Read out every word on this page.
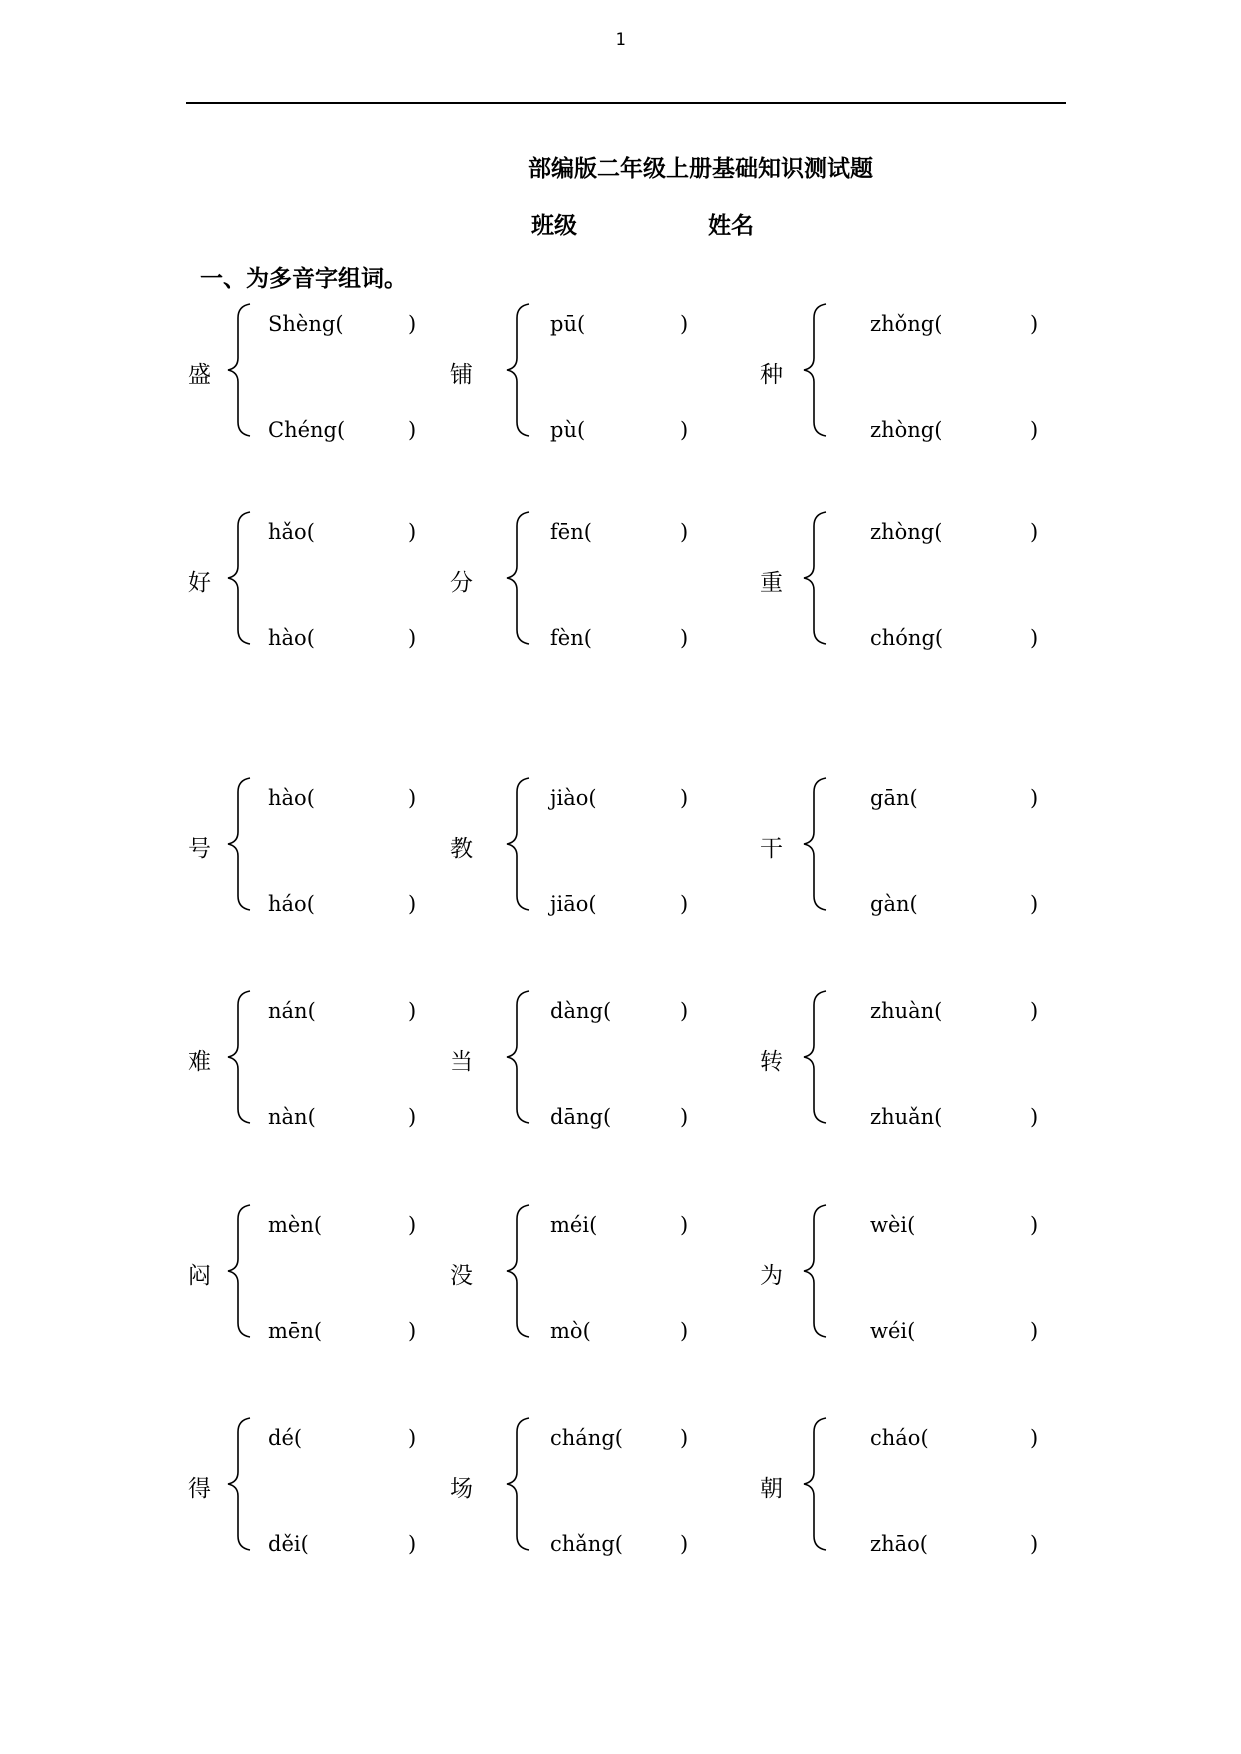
1
部编版二年级上册基础知识测试题
班级	姓名
一、为多音字组词。
盛
Shèng(	)
Chéng(	)
铺
pū(	)
pù(	)
种
zhǒng(	)
zhòng(	)
好
hǎo(	)
hào(	)
分
fēn(	)
fèn(	)
重
zhòng(	)
chóng(	)
号
hào(	)
háo(	)
教
jiào(	)
jiāo(	)
干
gān(	)
gàn(	)
难
nán(	)
nàn(	)
当
dàng(	)
dāng(	)
转
zhuàn(	)
zhuǎn(	)
闷
mèn(	)
mēn(	)
没
méi(	)
mò(	)
为
wèi(	)
wéi(	)
得
dé(	)
děi(	)
场
cháng(	)
chǎng(	)
朝
cháo(	)
zhāo(	)
